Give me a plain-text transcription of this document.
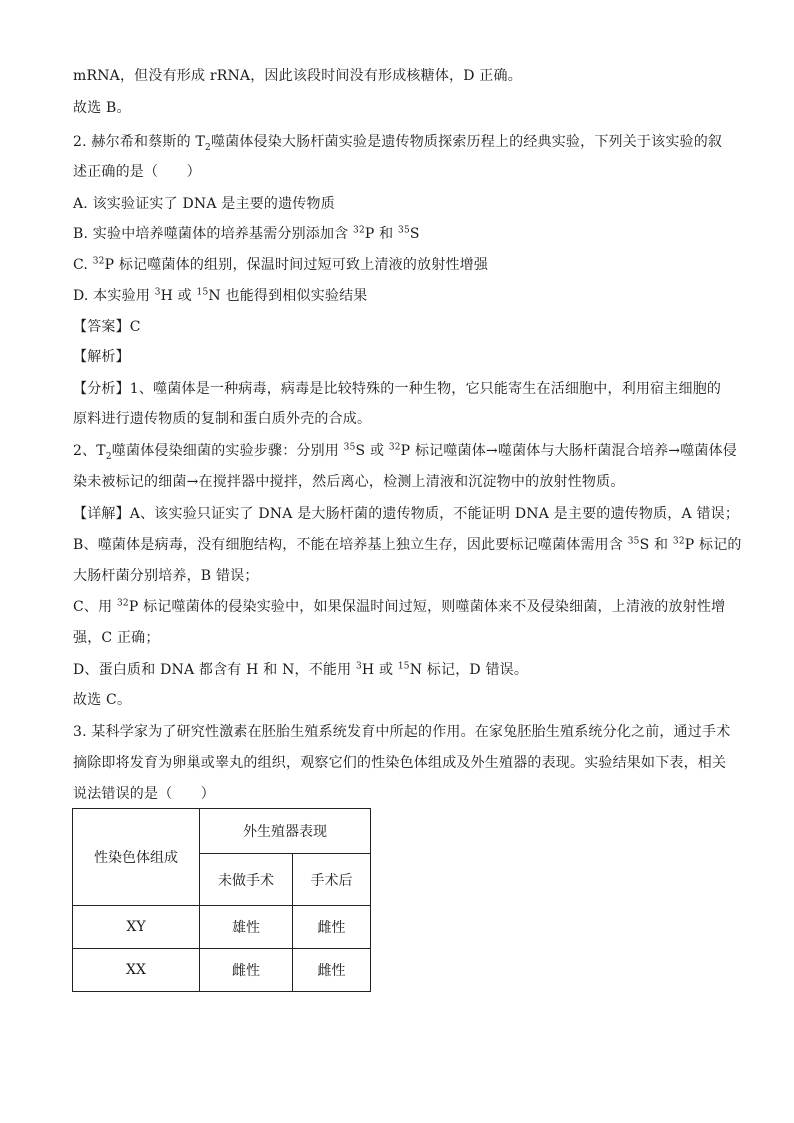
mRNA，但没有形成 rRNA，因此该段时间没有形成核糖体，D 正确。
故选 B。
2. 赫尔希和蔡斯的 $T_2$噬菌体侵染大肠杆菌实验是遗传物质探索历程上的经典实验，下列关于该实验的叙
述正确的是（　　）
A. 该实验证实了 DNA 是主要的遗传物质
B. 实验中培养噬菌体的培养基需分别添加含 $^{32}$P 和 $^{35}$S
C. $^{32}$P 标记噬菌体的组别，保温时间过短可致上清液的放射性增强
D. 本实验用 $^3$H 或 $^{15}$N 也能得到相似实验结果
【答案】C
【解析】
【分析】1、噬菌体是一种病毒，病毒是比较特殊的一种生物，它只能寄生在活细胞中，利用宿主细胞的
原料进行遗传物质的复制和蛋白质外壳的合成。
2、$T_2$噬菌体侵染细菌的实验步骤：分别用 $^{35}$S 或 $^{32}$P 标记噬菌体→噬菌体与大肠杆菌混合培养→噬菌体侵
染未被标记的细菌→在搅拌器中搅拌，然后离心，检测上清液和沉淀物中的放射性物质。
【详解】A、该实验只证实了 DNA 是大肠杆菌的遗传物质，不能证明 DNA 是主要的遗传物质，A 错误；
B、噬菌体是病毒，没有细胞结构，不能在培养基上独立生存，因此要标记噬菌体需用含 $^{35}$S 和 $^{32}$P 标记的
大肠杆菌分别培养，B 错误；
C、用 $^{32}$P 标记噬菌体的侵染实验中，如果保温时间过短，则噬菌体来不及侵染细菌，上清液的放射性增
强，C 正确；
D、蛋白质和 DNA 都含有 H 和 N，不能用 $^3$H 或 $^{15}$N 标记，D 错误。
故选 C。
3. 某科学家为了研究性激素在胚胎生殖系统发育中所起的作用。在家兔胚胎生殖系统分化之前，通过手术
摘除即将发育为卵巢或睾丸的组织，观察它们的性染色体组成及外生殖器的表现。实验结果如下表，相关
说法错误的是（　　）
性染色体组成	外生殖器表现	
	未做手术	手术后
XY	雄性	雌性
XX	雌性	雌性
